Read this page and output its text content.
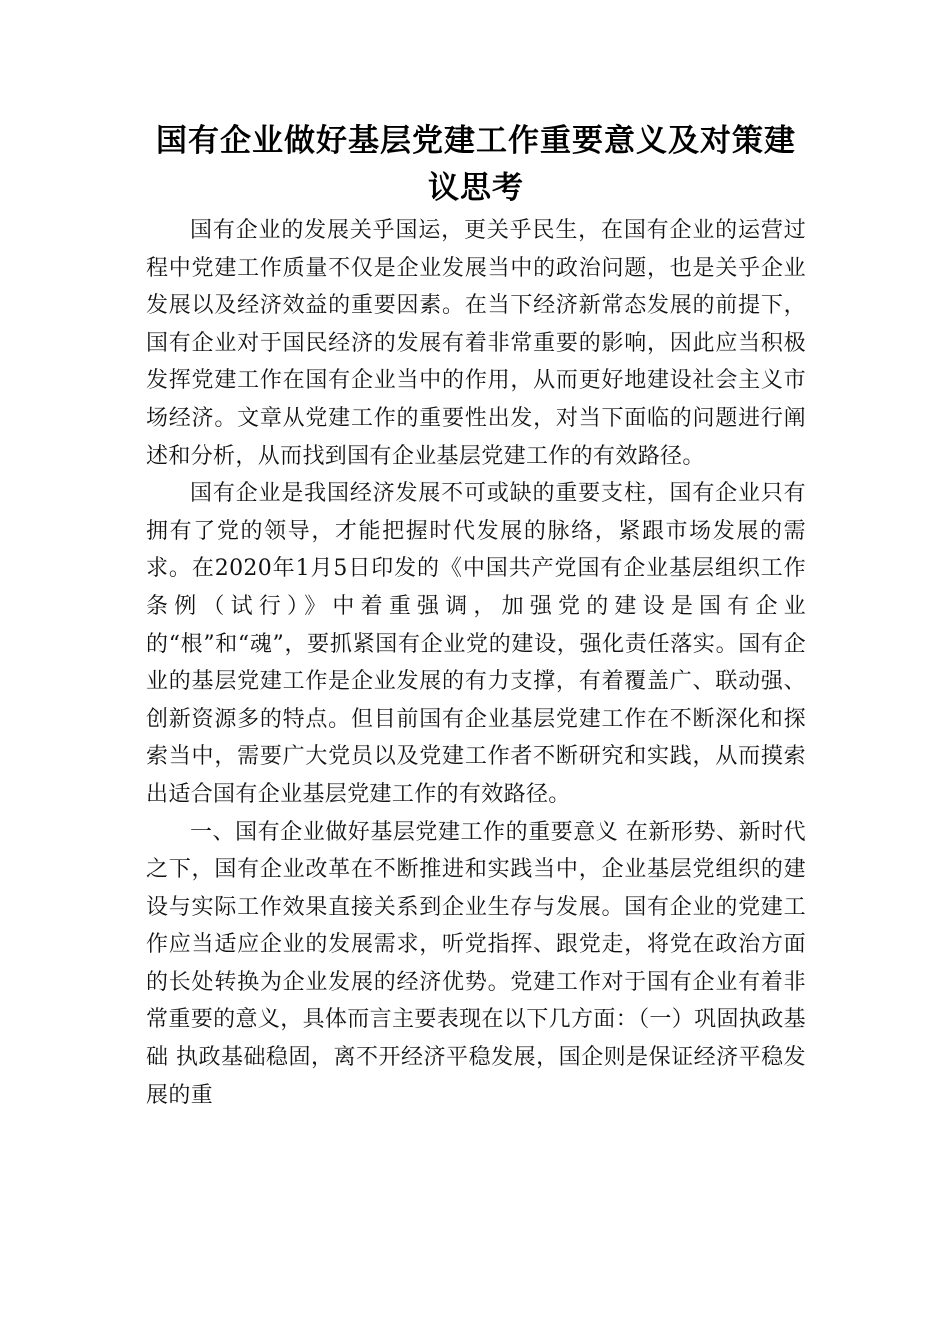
国有企业做好基层党建工作重要意义及对策建议思考

国有企业的发展关乎国运，更关乎民生，在国有企业的运营过程中党建工作质量不仅是企业发展当中的政治问题，也是关乎企业发展以及经济效益的重要因素。在当下经济新常态发展的前提下，国有企业对于国民经济的发展有着非常重要的影响，因此应当积极发挥党建工作在国有企业当中的作用，从而更好地建设社会主义市场经济。文章从党建工作的重要性出发，对当下面临的问题进行阐述和分析，从而找到国有企业基层党建工作的有效路径。

国有企业是我国经济发展不可或缺的重要支柱，国有企业只有拥有了党的领导，才能把握时代发展的脉络，紧跟市场发展的需求。在2020年1月5日印发的《中国共产党国有企业基层组织工作条例（试行）》中着重强调，加强党的建设是国有企业的“根”和“魂”，要抓紧国有企业党的建设，强化责任落实。国有企业的基层党建工作是企业发展的有力支撑，有着覆盖广、联动强、创新资源多的特点。但目前国有企业基层党建工作在不断深化和探索当中，需要广大党员以及党建工作者不断研究和实践，从而摸索出适合国有企业基层党建工作的有效路径。

一、国有企业做好基层党建工作的重要意义 在新形势、新时代之下，国有企业改革在不断推进和实践当中，企业基层党组织的建设与实际工作效果直接关系到企业生存与发展。国有企业的党建工作应当适应企业的发展需求，听党指挥、跟党走，将党在政治方面的长处转换为企业发展的经济优势。党建工作对于国有企业有着非常重要的意义，具体而言主要表现在以下几方面：（一）巩固执政基础 执政基础稳固，离不开经济平稳发展，国企则是保证经济平稳发展的重
